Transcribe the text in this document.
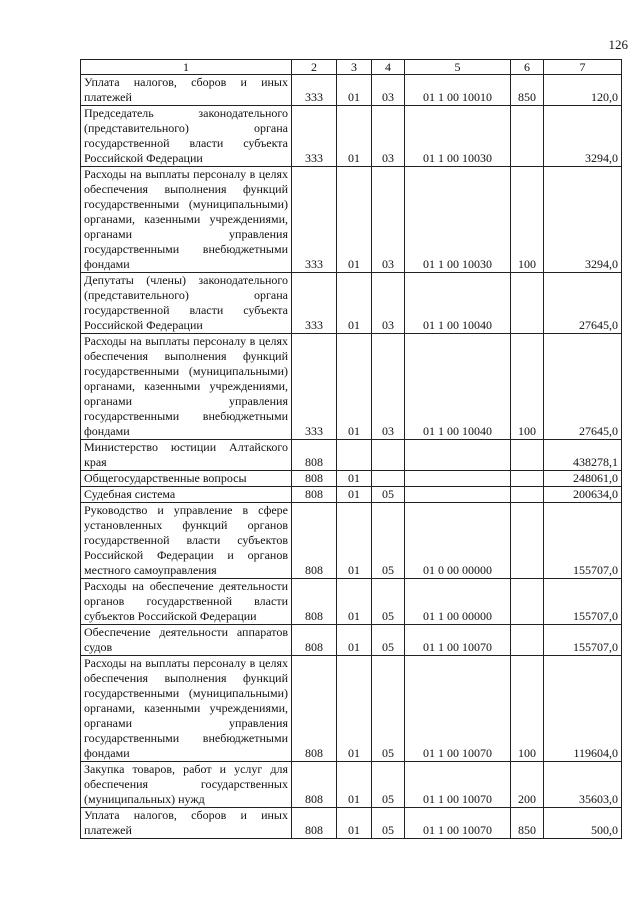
126
1	2	3	4	5	6	7
Уплата налогов, сборов и иных платежей	333	01	03	01 1 00 10010	850	120,0
Председатель законодательного (представительного) органа государственной власти субъекта Российской Федерации	333	01	03	01 1 00 10030		3294,0
Расходы на выплаты персоналу в целях обеспечения выполнения функций государственными (муниципальными) органами, казенными учреждениями, органами управления государственными внебюджетными фондами	333	01	03	01 1 00 10030	100	3294,0
Депутаты (члены) законодательного (представительного) органа государственной власти субъекта Российской Федерации	333	01	03	01 1 00 10040		27645,0
Расходы на выплаты персоналу в целях обеспечения выполнения функций государственными (муниципальными) органами, казенными учреждениями, органами управления государственными внебюджетными фондами	333	01	03	01 1 00 10040	100	27645,0
Министерство юстиции Алтайского края	808					438278,1
Общегосударственные вопросы	808	01				248061,0
Судебная система	808	01	05			200634,0
Руководство и управление в сфере установленных функций органов государственной власти субъектов Российской Федерации и органов местного самоуправления	808	01	05	01 0 00 00000		155707,0
Расходы на обеспечение деятельности органов государственной власти субъектов Российской Федерации	808	01	05	01 1 00 00000		155707,0
Обеспечение деятельности аппаратов судов	808	01	05	01 1 00 10070		155707,0
Расходы на выплаты персоналу в целях обеспечения выполнения функций государственными (муниципальными) органами, казенными учреждениями, органами управления государственными внебюджетными фондами	808	01	05	01 1 00 10070	100	119604,0
Закупка товаров, работ и услуг для обеспечения государственных (муниципальных) нужд	808	01	05	01 1 00 10070	200	35603,0
Уплата налогов, сборов и иных платежей	808	01	05	01 1 00 10070	850	500,0
